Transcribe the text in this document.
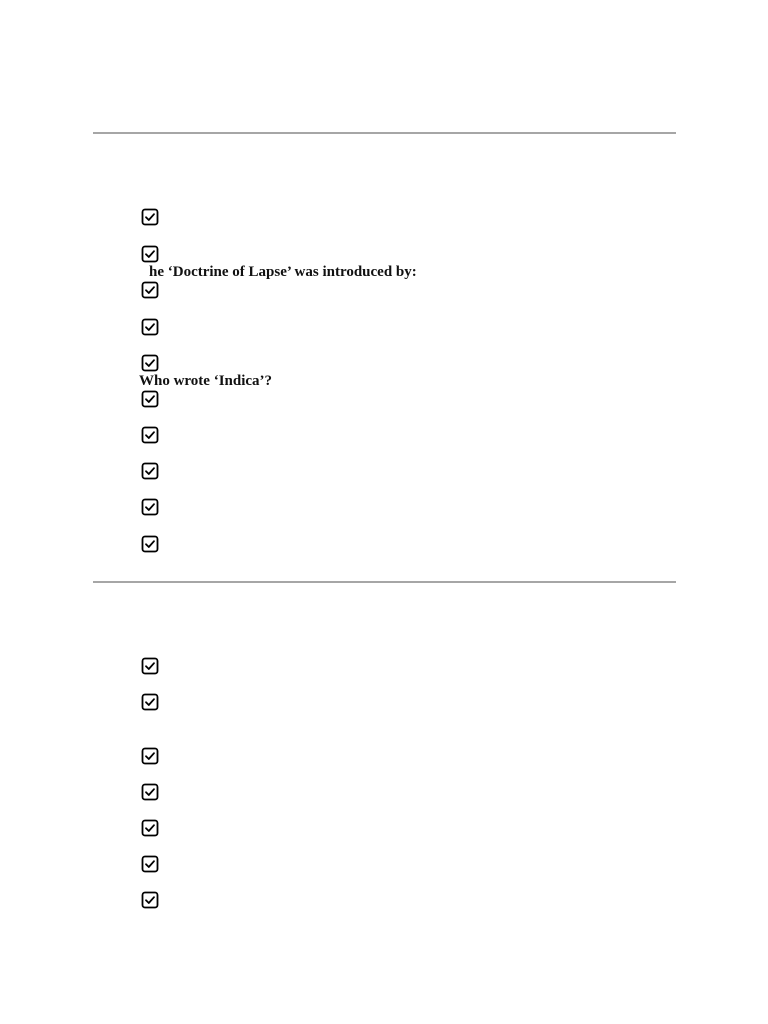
he ‘Doctrine of Lapse’ was introduced by:

Who wrote ‘Indica’?
